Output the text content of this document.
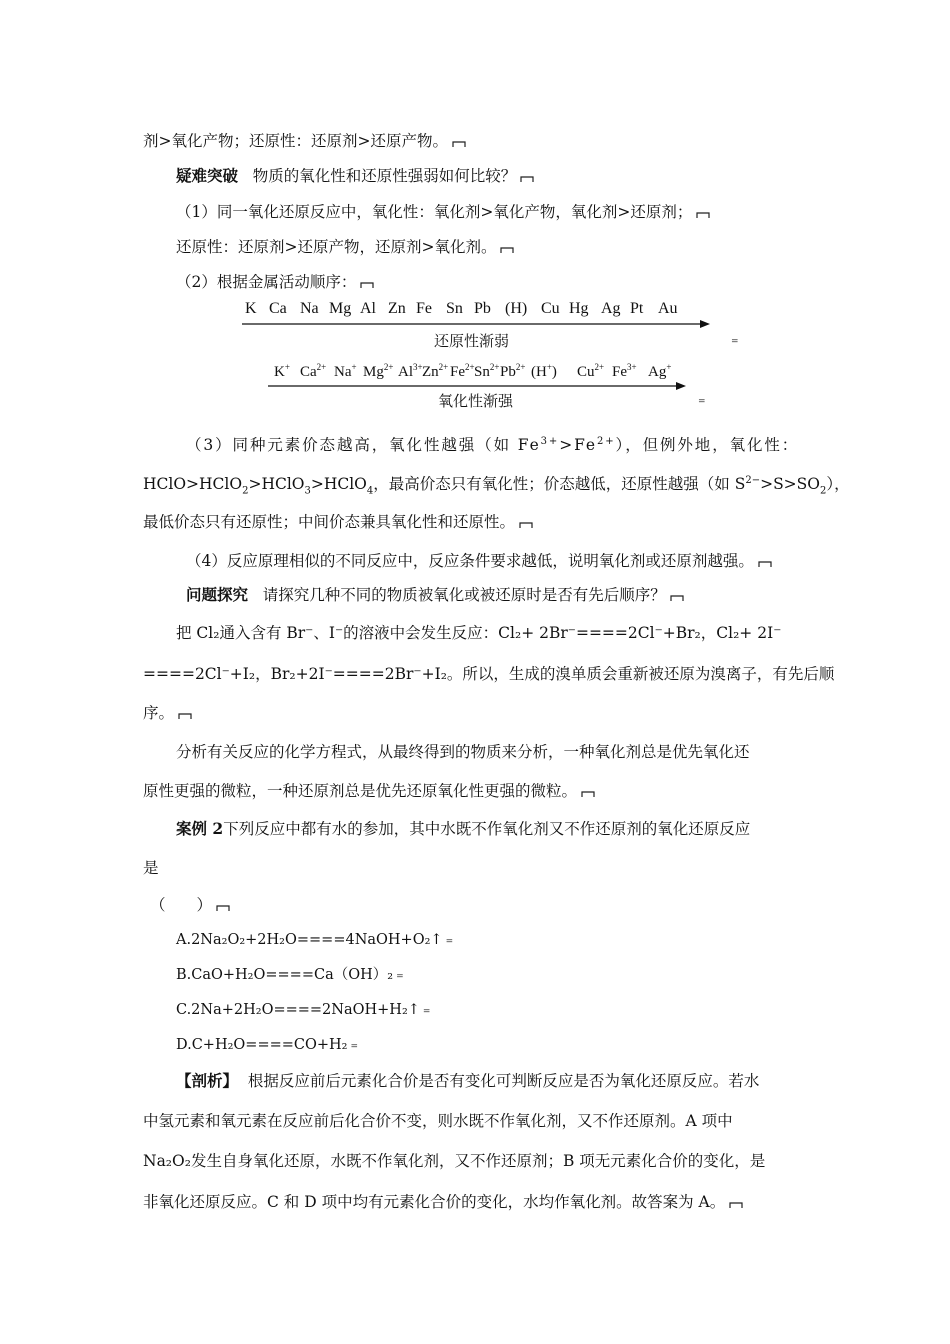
剂>氧化产物；还原性：还原剂>还原产物。
疑难突破 物质的氧化性和还原性强弱如何比较？
（1）同一氧化还原反应中，氧化性：氧化剂>氧化产物，氧化剂>还原剂；
还原性：还原剂>还原产物，还原剂>氧化剂。
（2）根据金属活动顺序：
K Ca Na Mg Al Zn Fe Sn Pb (H) Cu Hg Ag Pt Au
还原性渐弱	=
K+ $Ca^{2+}$ Na+ $Mg^{2+}$ $Al^{3+}$ $Zn^{2+}$ $Fe^{2+}$ $Sn^{2+}$ $Pb^{2+}$ (H+) $Cu^{2+}$ $Fe^{3+}$ Ag+
氧化性渐强	=
（3）同种元素价态越高，氧化性越强（如 $Fe^{3+}>Fe^{2+}$），但例外地，氧化性：
HClO>HClO$_2$>HClO$_3$>HClO$_4$，最高价态只有氧化性；价态越低，还原性越强（如 $S^{2-}>S>SO_2$），
最低价态只有还原性；中间价态兼具氧化性和还原性。
（4）反应原理相似的不同反应中，反应条件要求越低，说明氧化剂或还原剂越强。
问题探究 请探究几种不同的物质被氧化或被还原时是否有先后顺序？
把 Cl₂通入含有 Br⁻、I⁻的溶液中会发生反应：Cl₂+ 2Br⁻====2Cl⁻+Br₂，Cl₂+ 2I⁻
====2Cl⁻+I₂，Br₂+2I⁻====2Br⁻+I₂。所以，生成的溴单质会重新被还原为溴离子，有先后顺
序。
分析有关反应的化学方程式，从最终得到的物质来分析，一种氧化剂总是优先氧化还
原性更强的微粒，一种还原剂总是优先还原氧化性更强的微粒。
案例 2下列反应中都有水的参加，其中水既不作氧化剂又不作还原剂的氧化还原反应
是
（　　）
A.2Na₂O₂+2H₂O====4NaOH+O₂↑ =
B.CaO+H₂O====Ca（OH）₂ =
C.2Na+2H₂O====2NaOH+H₂↑ =
D.C+H₂O====CO+H₂ =
【剖析】 根据反应前后元素化合价是否有变化可判断反应是否为氧化还原反应。若水
中氢元素和氧元素在反应前后化合价不变，则水既不作氧化剂，又不作还原剂。A 项中
Na₂O₂发生自身氧化还原，水既不作氧化剂，又不作还原剂；B 项无元素化合价的变化，是
非氧化还原反应。C 和 D 项中均有元素化合价的变化，水均作氧化剂。故答案为 A。
